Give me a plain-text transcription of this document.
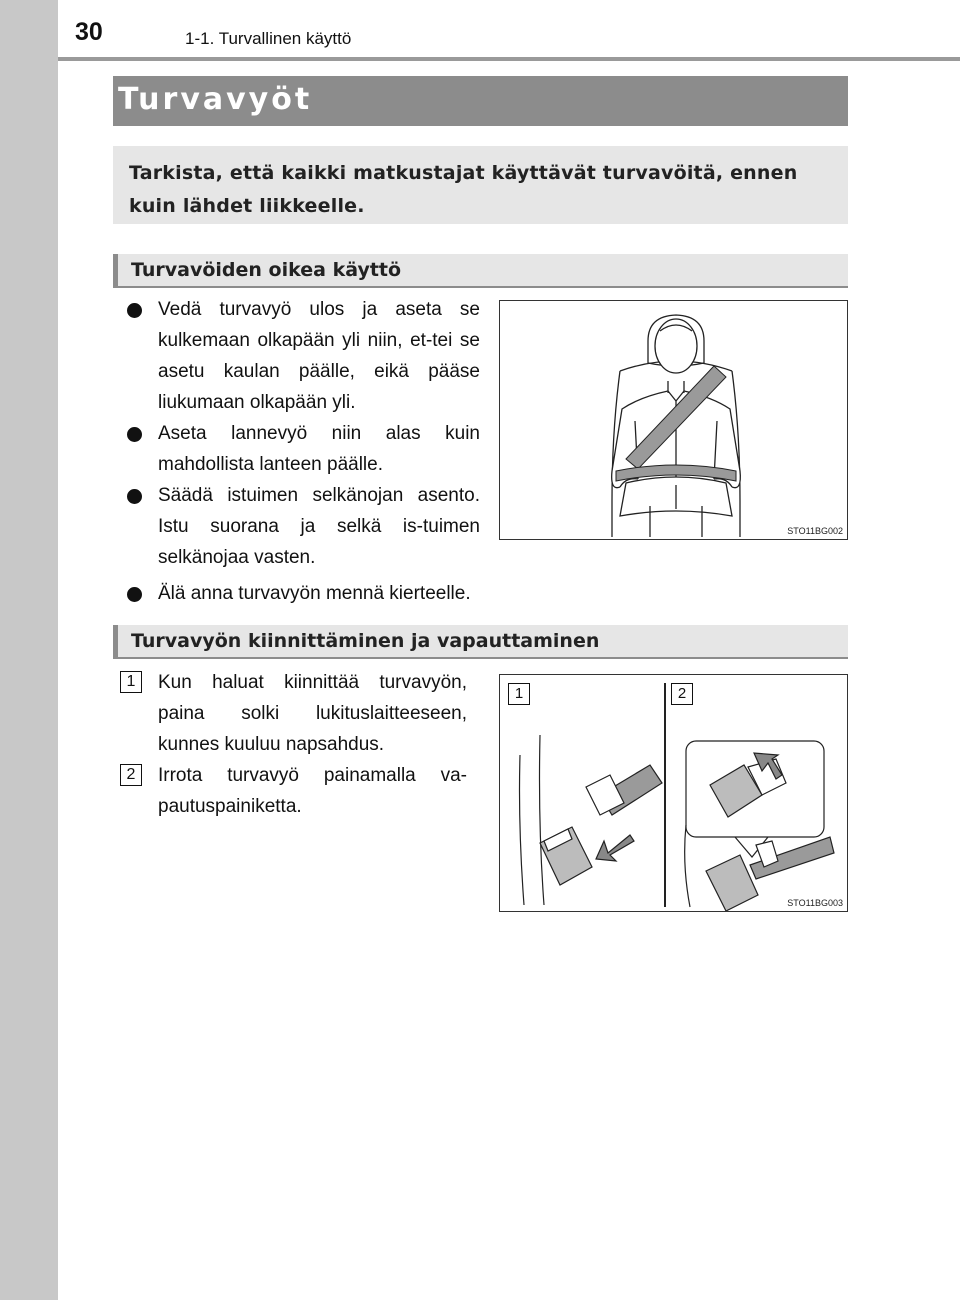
30	1-1. Turvallinen käyttö
Turvavyöt
Tarkista, että kaikki matkustajat käyttävät turvavöitä, ennen kuin lähdet liikkeelle.
Turvavöiden oikea käyttö
Vedä turvavyö ulos ja aseta se kulkemaan olkapään yli niin, et-tei se asetu kaulan päälle, eikä pääse liukumaan olkapään yli.
Aseta lannevyö niin alas kuin mahdollista lanteen päälle.
Säädä istuimen selkänojan asento. Istu suorana ja selkä is-tuimen selkänojaa vasten.
Älä anna turvavyön mennä kierteelle.
STO11BG002
Turvavyön kiinnittäminen ja vapauttaminen
1	Kun haluat kiinnittää turvavyön, paina solki lukituslaitteeseen, kunnes kuuluu napsahdus.
2	Irrota turvavyö painamalla va-pautuspainiketta.
1	2
STO11BG003
